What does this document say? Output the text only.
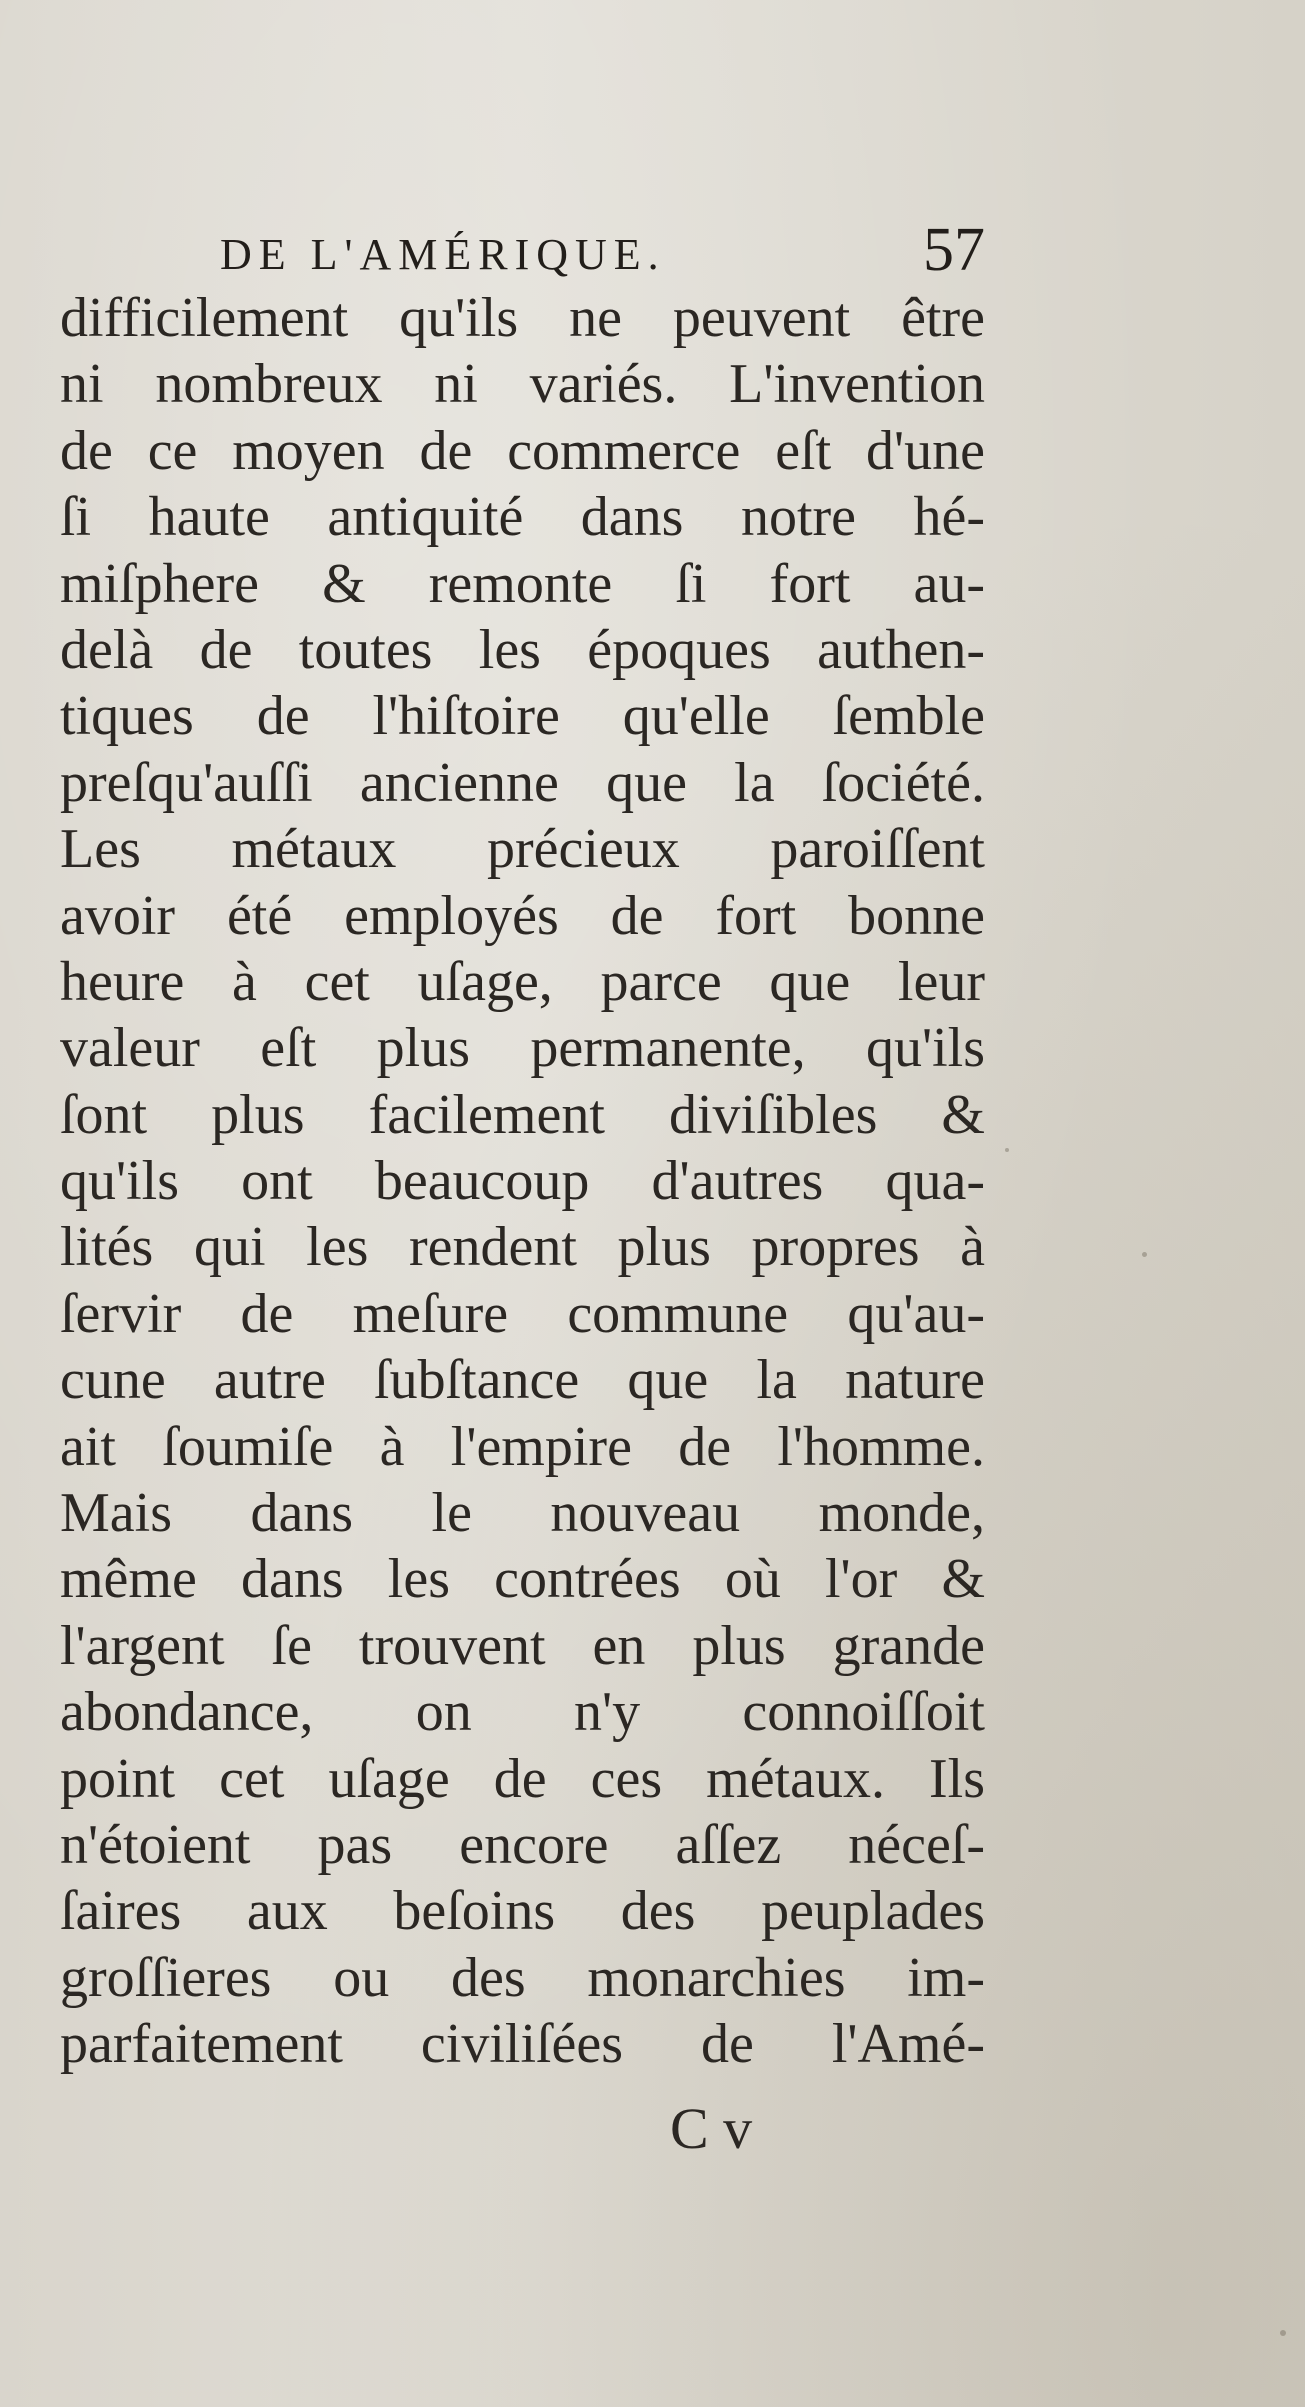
DE L'AMÉRIQUE.	57
difficilement qu'ils ne peuvent être
ni nombreux ni variés. L'invention
de ce moyen de commerce eſt d'une
ſi haute antiquité dans notre hé-
miſphere & remonte ſi fort au-
delà de toutes les époques authen-
tiques de l'hiſtoire qu'elle ſemble
preſqu'auſſi ancienne que la ſociété.
Les métaux précieux paroiſſent
avoir été employés de fort bonne
heure à cet uſage, parce que leur
valeur eſt plus permanente, qu'ils
ſont plus facilement diviſibles &
qu'ils ont beaucoup d'autres qua-
lités qui les rendent plus propres à
ſervir de meſure commune qu'au-
cune autre ſubſtance que la nature
ait ſoumiſe à l'empire de l'homme.
Mais dans le nouveau monde,
même dans les contrées où l'or &
l'argent ſe trouvent en plus grande
abondance, on n'y connoiſſoit
point cet uſage de ces métaux. Ils
n'étoient pas encore aſſez néceſ-
ſaires aux beſoins des peuplades
groſſieres ou des monarchies im-
parfaitement civiliſées de l'Amé-
C v
